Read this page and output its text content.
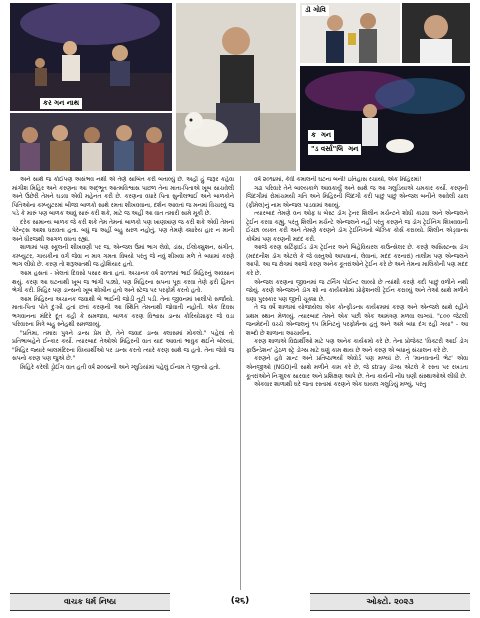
કર ગન નાથ
ડૉ ગોવિ
ક  ગન
"ડ વર્સા"લિ  ગન

અને સાથે જ કોઈપણ અસંભવ નથી એ તેણે સાબિત કરી બતાવ્યું છે. અહીં હું જરૂર કહેવા માંગીશ મિહિર અને કરણના આ અદ્ભૂત આત્મવિશ્વાસ પાછળ તેના માતા-પિતાએ ખૂબ સાચવેલી અને ઉછેરી તેમને ઘડવા એવી મહેનત કરી છે. કરણના વધારે પિતા સુનીલભાઈ અને બાળકોને પિતિઓના કમ્પ્યુટરમાં બીજા બાળકો સાથે રમતા શીખવવાના, દર્શન આવતાં જ મનમાં વિચારવું જ પડે કે મારું પણ બાળક આવું સારું કરી શકે, માટે જ અહીં આ વાત તમારી સામે મૂકી છે.

દરેક સામાન્ય બાળક જે કરી શકે તેમ તેમનાં બાળકો પણ ખાણખાણ જ કરી શકે એવી તેમનાં પેરેન્ટ્સ આશા ધરાવતા હતા. બધું જ અહીં બહુ સરળ નહોતું, પણ તેમણે ક્યારેય હાર ન માની અને ધીરજથી આગળ વધતા રહ્યાં.

શાળામાં પણ સ્કૂલની શીખવણી પર જ, એન્જલ ઉમાં ભાગ લેવો, ડાંસ, ઈલોક્યુશન, સંગીત, કમ્પ્યુટર, ગાયકીના વર્ગ જેવા ન માત્ર ગમતા વિષયો પરંતુ જે નવું શીખવા મળે તે બધામાં કરણે ભાગ લીધો છે. કરણ તો શરૂઆતથી જ હોશિયાર હતો.

આમ હસતાં - ખેલતાં દિવસો પસાર થતા હતાં. અચાનક વર્ષ ૨૦૧૧માં ભાઈ મિહિરનું અવસાન થયું. કરણ આ ઘટનાથી ખૂબ જ ભાંગી પડ્યો, પણ મિહિરના સપના પૂરા કરવા તેણે ફરી હિંમત ભેગી કરી. મિહિર પણ ડાન્સનો ખૂબ શોખીન હતો અને સ્ટેજ પર પરફોર્મ કરતો હતો.

આમ મિહિરના અચાનક જવાથી બે ભાઈની જોડી તૂટી પડી. તેના જીવનમાં ખાલીપો સર્જાયો. માતા-પિતા પોતે દુઃખી હતાં છતાં કરણની આ સ્થિતિ તેમનાથી જોવાતી નહોતી. એક દિવસ ભગવાનના મંદિરે દૂત કહી કે સમજાવ, બાળક કરણ વિશ્વાસ ડાન્સ કોરિયોગ્રાફર જે વડા પરિવારના મિત્રે બહુ સ્નેહથી સમજાવ્યું.

"પ્રતિમા, તમારા પુત્રને ડાન્સ પ્રેમ છે, તેને જવાદ ડાન્સ ક્લાસમાં મોકલો." પહેલાં તો પ્રતિભાબહેને ઈન્કાર કર્યો. ત્યારબાદ તેઓએ મિહિરની વાત યાદ આવતાં ભાવુક થઈને બોલ્યાં, "મિહિર જ્યારે બાલમંદિરના વિધ્યાર્થીઓ પર ડાન્સ કરતો ત્યારે કરણ સાથે જ હતો. તેના જેવો જ સપનો કરણ પણ જુએ છે."

મિહિરે કરેલી ડ્રોઈંગ વાત હતી વર્ષ ૨૦૦૪ની અને ગ્લુડિયાંમાં પહેલું ઈનામ તે જીત્યો હતો.

વર્ષ ૨૦૧૪માં, કેવી કમાલની ઘટના બની! ઇતિહાસ રચાયો, એક મિહિરમાં!

ગઢા પરિવારે તેને બાલ્યકાળે આવકાર્યું અને સાથે જ આ ગલુડિયાએ ચમકાર કર્યો. કરણની જિંદગીમાં રોમાંચમયી ગતિ અને મિહિરની જિંદગી કરી પાછું પાછું એન્જલ બનીને આવેલી ચાલ (ફીમેલ)નું નામ એન્જલ પાડવામાં આવ્યું.

ત્યારબાદ તેમણે વન ઓફ ધ બેસ્ટ ડૉગ ટ્રેનર શિલીન મર્ચન્ટને શોધી કાઢવા અને એન્જલને ટ્રેઈન કરવા કહ્યું, પરંતુ શિલીન મર્ચન્ટે એન્જલને નહીં પરંતુ કરણને જ ડૉગ ટ્રેઈનિંગ શિખવવાની ઈચ્છા વ્યક્ત કરી અને તેમણે કરણને ડૉગ ટ્રેઈનિંગનો બેઝિક કોર્સ કરાવ્યો. શિલીન એડ્વાન્સ કોર્ષમાં પણ કરણની મદદ કરી.

આજે કરણ સર્ટિફાઈડ ડૉગ ટ્રેઈનર અને બિહેવિયરલ કાઉન્સેલર છે. કરણે અસિસ્ટન્સ ડૉગ (મદદનીશ ડૉગ એટલે કે જે વસ્તુઓ આપવાનાં, લેવાનાં, મદદ કરનારાં) તાલીમ પણ એન્જલને આપી. આ જ ક્ષેત્રમાં આજે કરણ અનેક કૂતરાંઓને ટ્રેઈન કરે છે અને તેમના માલિકોની પણ મદદ કરે છે.

એન્જલ કરણના જીવનમાં જ ટર્નિંગ પોઈન્ટ લાવ્યો છે ત્યાંથી કરણે કદી પાછું વળીને નથી જોયું. કરણે એન્જલને ડૉગ શો ના કાર્યક્રમોમાં પ્રોફેશનલી ટ્રેઈન કરાવ્યું અને તેઓ સાથે મળીને ઘણા પુરસ્કાર પણ જીતી ચૂક્યા છે.

તે જ વર્ષે શાળામાં યોજાયેલા એક કોન્ફીડન્સ કાર્યક્રમમાં કરણ અને એન્જલે સાથે રહીને પ્રથમ સ્થાન મેળવ્યું. ત્યારબાદ તેમને એક પછી એક આમંત્રણ મળવા લાગ્યાં. "૮૦૦ જેટલી જનમેદની વચ્ચે એન્જલનું ૧૫ મિનિટનું પરફોર્મન્સ હતું અને અમે બધા દંગ રહી ગયા" - આ શબ્દો છે શાળાના આચાર્યના.

કરણ શાળાએ વિદ્યાર્થીઓ માટે પણ અનેક કાર્યક્રમો કરે છે. તેના પ્રોજેક્ટ 'વિક્ટરી આઈ ડોગ ફાઉન્ડેશન' હેઠળ સ્ટ્રે ડોગ્સ માટે ઘણું કામ થાય છે અને કરણ એ બધાનું સંચાલન કરે છે.

કરણને હવે ગ્રાન્ટ અને પ્રતિષ્ઠાભર્યા એવોર્ડ પણ મળ્યાં છે. તે 'માનવતાની ભેટ' એવા એનજીઓ (NGO)ની સાથે મળીને કામ કરે છે, જે stray ડૉગ્સ એટલે કે રસ્તા પર રખડતા કૂતરાંઓને નિઃશુલ્ક સારવાર અને પ્રશિક્ષણ આપે છે. તેના કાર્યની નોંધ ઘણી સંસ્થાઓએ લીધી છે.

એકવાર શાળાથી ઘરે જતા રસ્તામાં કરણને એક ઘાયલ ગલુડિયું મળ્યું, પરંતુ

વાચક ધર્મ નિષ્ઠા	(૨૬)	ઓક્ટો. ૨૦૨૩
